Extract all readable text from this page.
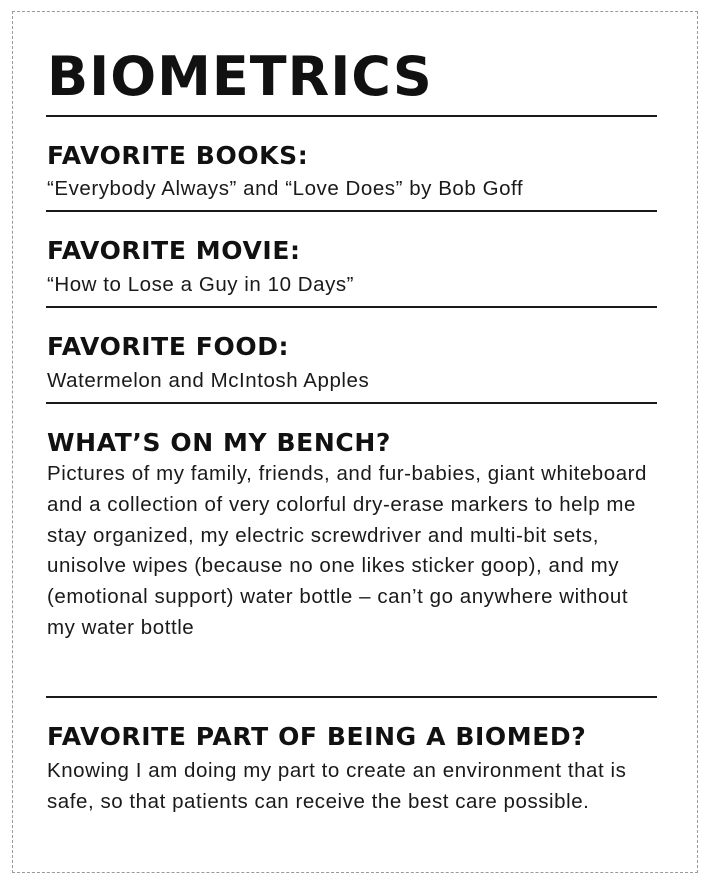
BIOMETRICS
FAVORITE BOOKS:

“Everybody Always” and “Love Does” by Bob Goff

FAVORITE MOVIE:

“How to Lose a Guy in 10 Days”

FAVORITE FOOD:

Watermelon and McIntosh Apples

WHAT’S ON MY BENCH?

Pictures of my family, friends, and fur-babies, giant whiteboard and a collection of very colorful dry-erase markers to help me stay organized, my electric screwdriver and multi-bit sets, unisolve wipes (because no one likes sticker goop), and my (emotional support) water bottle – can’t go anywhere without my water bottle

FAVORITE PART OF BEING A BIOMED?

Knowing I am doing my part to create an environment that is safe, so that patients can receive the best care possible.
